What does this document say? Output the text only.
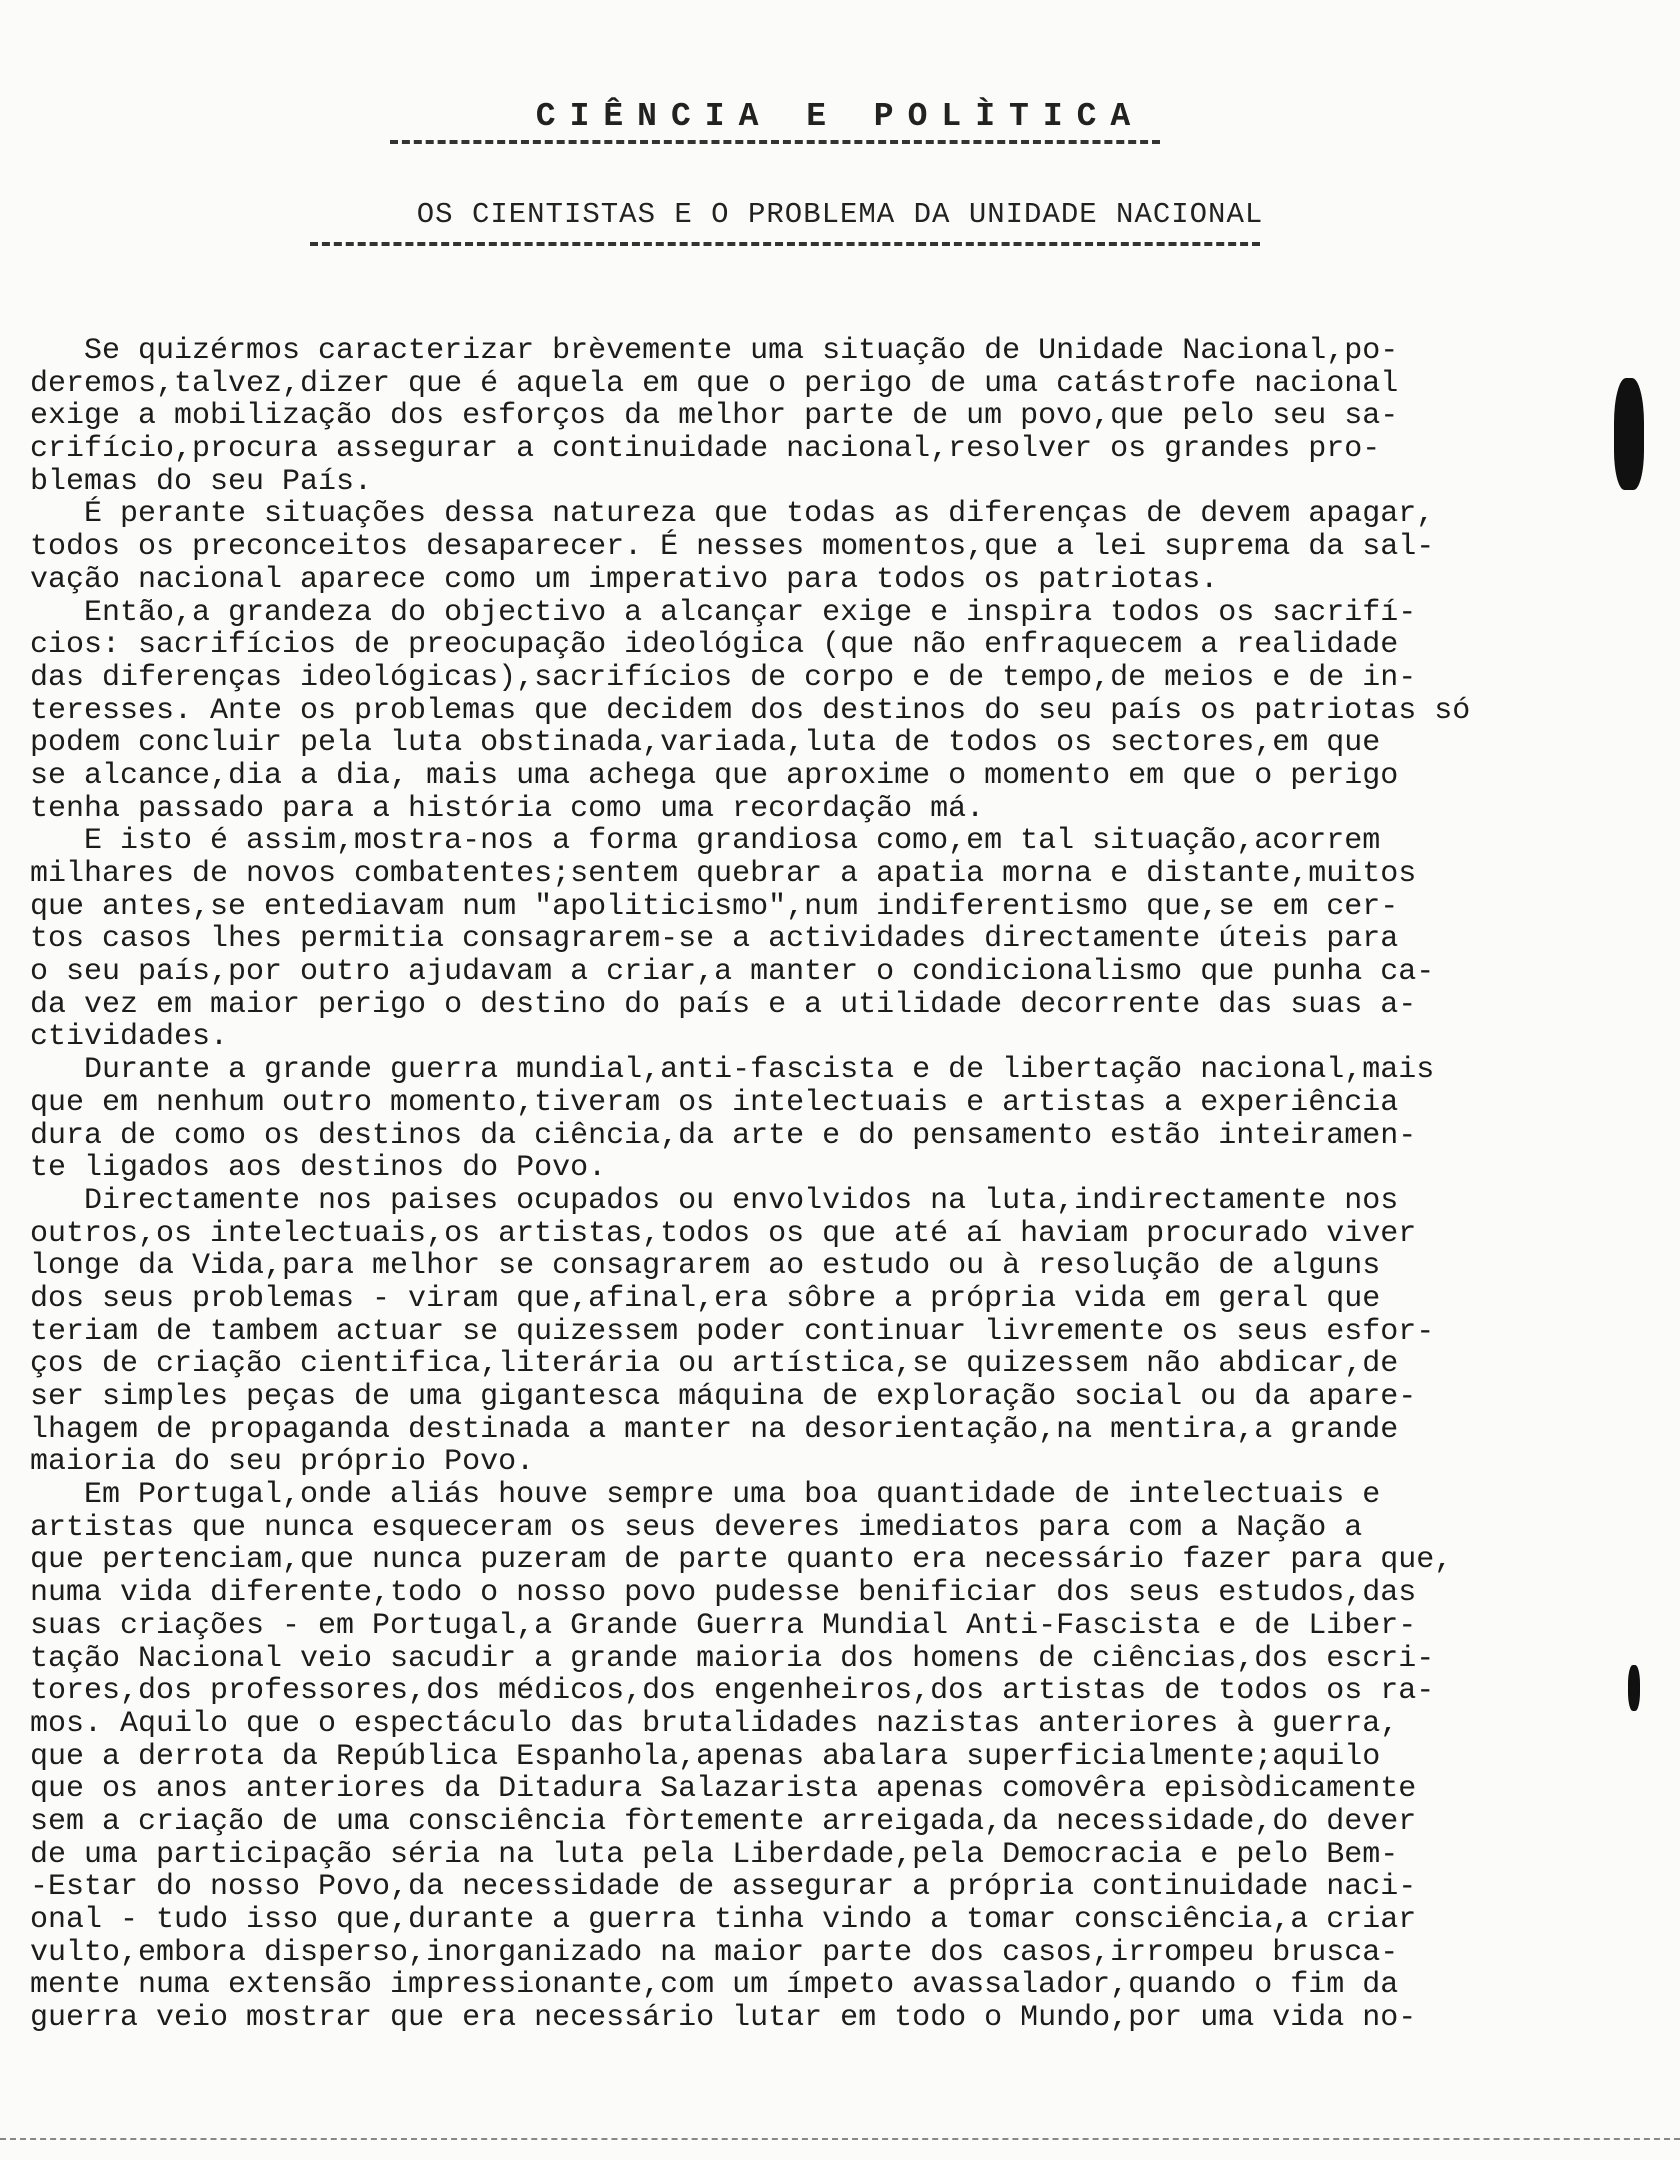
CIÊNCIA E POLÌTICA
OS CIENTISTAS E O PROBLEMA DA UNIDADE NACIONAL
Se quizérmos caracterizar brèvemente uma situação de Unidade Nacional,po-
deremos,talvez,dizer que é aquela em que o perigo de uma catástrofe nacional
exige a mobilização dos esforços da melhor parte de um povo,que pelo seu sa-
crifício,procura assegurar a continuidade nacional,resolver os grandes pro-
blemas do seu País.
É perante situações dessa natureza que todas as diferenças de devem apagar,
todos os preconceitos desaparecer. É nesses momentos,que a lei suprema da sal-
vação nacional aparece como um imperativo para todos os patriotas.
Então,a grandeza do objectivo a alcançar exige e inspira todos os sacrifí-
cios: sacrifícios de preocupação ideológica (que não enfraquecem a realidade
das diferenças ideológicas),sacrifícios de corpo e de tempo,de meios e de in-
teresses. Ante os problemas que decidem dos destinos do seu país os patriotas só
podem concluir pela luta obstinada,variada,luta de todos os sectores,em que
se alcance,dia a dia, mais uma achega que aproxime o momento em que o perigo
tenha passado para a história como uma recordação má.
E isto é assim,mostra-nos a forma grandiosa como,em tal situação,acorrem
milhares de novos combatentes;sentem quebrar a apatia morna e distante,muitos
que antes,se entediavam num "apoliticismo",num indiferentismo que,se em cer-
tos casos lhes permitia consagrarem-se a actividades directamente úteis para
o seu país,por outro ajudavam a criar,a manter o condicionalismo que punha ca-
da vez em maior perigo o destino do país e a utilidade decorrente das suas a-
ctividades.
Durante a grande guerra mundial,anti-fascista e de libertação nacional,mais
que em nenhum outro momento,tiveram os intelectuais e artistas a experiência
dura de como os destinos da ciência,da arte e do pensamento estão inteiramen-
te ligados aos destinos do Povo.
Directamente nos paises ocupados ou envolvidos na luta,indirectamente nos
outros,os intelectuais,os artistas,todos os que até aí haviam procurado viver
longe da Vida,para melhor se consagrarem ao estudo ou à resolução de alguns
dos seus problemas - viram que,afinal,era sôbre a própria vida em geral que
teriam de tambem actuar se quizessem poder continuar livremente os seus esfor-
ços de criação cientifica,literária ou artística,se quizessem não abdicar,de
ser simples peças de uma gigantesca máquina de exploração social ou da apare-
lhagem de propaganda destinada a manter na desorientação,na mentira,a grande
maioria do seu próprio Povo.
Em Portugal,onde aliás houve sempre uma boa quantidade de intelectuais e
artistas que nunca esqueceram os seus deveres imediatos para com a Nação a
que pertenciam,que nunca puzeram de parte quanto era necessário fazer para que,
numa vida diferente,todo o nosso povo pudesse benificiar dos seus estudos,das
suas criações - em Portugal,a Grande Guerra Mundial Anti-Fascista e de Liber-
tação Nacional veio sacudir a grande maioria dos homens de ciências,dos escri-
tores,dos professores,dos médicos,dos engenheiros,dos artistas de todos os ra-
mos. Aquilo que o espectáculo das brutalidades nazistas anteriores à guerra,
que a derrota da República Espanhola,apenas abalara superficialmente;aquilo
que os anos anteriores da Ditadura Salazarista apenas comovêra episòdicamente
sem a criação de uma consciência fòrtemente arreigada,da necessidade,do dever
de uma participação séria na luta pela Liberdade,pela Democracia e pelo Bem-
-Estar do nosso Povo,da necessidade de assegurar a própria continuidade naci-
onal - tudo isso que,durante a guerra tinha vindo a tomar consciência,a criar
vulto,embora disperso,inorganizado na maior parte dos casos,irrompeu brusca-
mente numa extensão impressionante,com um ímpeto avassalador,quando o fim da
guerra veio mostrar que era necessário lutar em todo o Mundo,por uma vida no-
